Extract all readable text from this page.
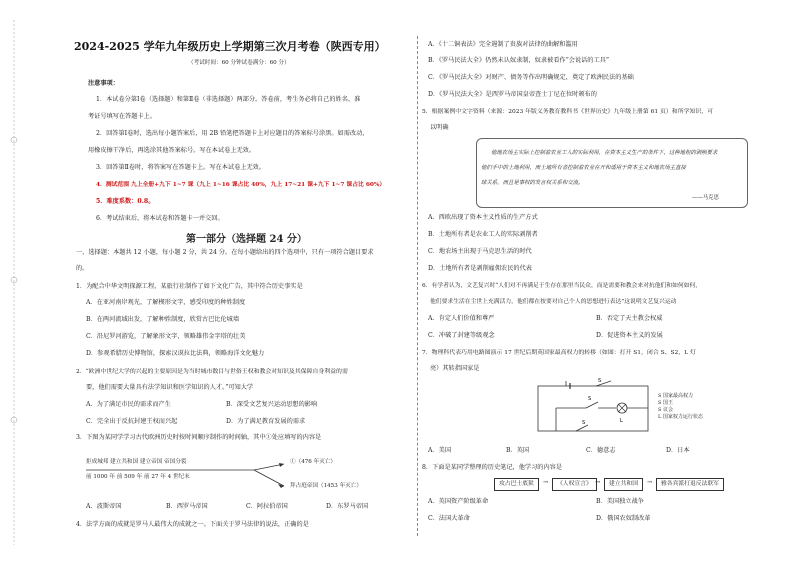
2024-2025 学年九年级历史上学期第三次月考卷（陕西专用）
（考试时间：60 分钟试卷满分：60 分）
注意事项：
1．本试卷分第Ⅰ卷（选择题）和第Ⅱ卷（非选择题）两部分。答卷前，考生务必将自己的姓名、准
考证号填写在答题卡上。
2．回答第Ⅰ卷时，选出每小题答案后，用 2B 铅笔把答题卡上对应题目的答案标号涂黑。如需改动，
用橡皮擦干净后，再选涂其他答案标号。写在本试卷上无效。
3．回答第Ⅱ卷时，将答案写在答题卡上。写在本试卷上无效。
4．测试范围 九上全册+九下 1~7 课（九上 1~16 课占比 40%，九上 17~21 课+九下 1~7 课占比 60%）
5．难度系数：0.8。
6．考试结束后，将本试卷和答题卡一并交回。
第一部分（选择题 24 分）
一、选择题：本题共 12 小题，每小题 2 分，共 24 分。在每小题给出的四个选项中，只有一项符合题目要求
的。
1．为配合中华文明探源工程，某旅行社制作了如下文化广告，其中符合历史事实是
A．在亚河南岸观光，了解楔形文字，感受印度的种姓制度
B．在两河流域出发，了解种姓制度，欣赏古巴比伦城墙
C．沿尼罗河游览，了解象形文字，领略雄伟金字塔的壮美
D．参观希腊历史博物馆，探索汉谟拉比法典，领略海洋文化魅力
2．“欧洲中世纪大学的兴起的主要原因是为当时城市数目与世俗王权和教会对知识及其保障自身利益的需
要，他们需要大量具有法学知识和医学知识的人才。”可知大学
A．为了满足市民的需求而产生	B．深受文艺复兴运动思想的影响
C．完全出于反抗封建王权而兴起	D．为了满足教育发展的需求
3．下图为某同学学习古代欧洲历史时按时间顺序制作的时间轴，其中①处应填写的内容是
拒成城邦 建立共和国 建立帝国 帝国分裂
前 1000 年 前 509 年 前 27 年 4 世纪末
①（476 年灭亡）
拜占庭帝国（1453 年灭亡）
A．波斯帝国	B．西罗马帝国	C．阿拉伯帝国	D．东罗马帝国
4．法学方面的成就是罗马人最伟大的成就之一。下面关于罗马法律的说法，正确的是
A．《十二铜表法》完全遏制了贵族对法律的曲解和滥用
B．《罗马民法大全》仍然未认奴隶制，奴隶被看作“会说话的工具”
C．《罗马民法大全》对财产、债务等作出明确规定，奠定了欧洲民法的基础
D．《罗马民法大全》是西罗马帝国皇帝查士丁尼在位时颁布的
5．根据案例中文字资料（来源：2023 年版义务教育教科书《世界历史》九年级上册第 61 页）和所学知识，可
以明确
他地农场主实际上控制着农业工人的实际利用，在资本主义生产的条件下，这种地租的剥削要求
他们手中的土地利用，而土地所有者控制着农业在开和适用于资本主义和地农场主直接
球关系，而且是事权的发言权关系和交流。
——马克思
A．西欧出现了资本主义性质的生产方式
B．土地所有者是农业工人的实际剥削者
C．地农场主出现于马克思生活的时代
D．土地所有者是剥削雇佣农民的代表
6．有学者认为，文艺复兴时“人们对不再满足于生存在那里当民众，而是需要和教会来对抗他们和如何如何，
他们要求生活在尘世上充满活力，他们都在按要对自己个人的思想进行表达”这说明文艺复兴运动
A．肯定人们价值和尊严	B．否定了天主教会权威
C．冲破了封建等级观念	D．促进资本主义的发展
7．物理科代表巧用电路图演示 17 世纪后期英国家最高权力的转移（如图：打开 S1，闭合 S、S2，L 灯
亮）其转指国家是
S
S
L
S
S 国家最高权力
S 国王
S 议会
L 国家权力运行状态
A．美国	B．英国	C．德意志	D．日本
8．下面是某同学整理的历史笔记，他学习的内容是
攻占巴士底狱	→	《人权宣言》 →	建立共和国	→	雅各宾派打退反法联军
A．英国资产阶级革命	B．美国独立战争
C．法国大革命	D．俄国农奴制改革
